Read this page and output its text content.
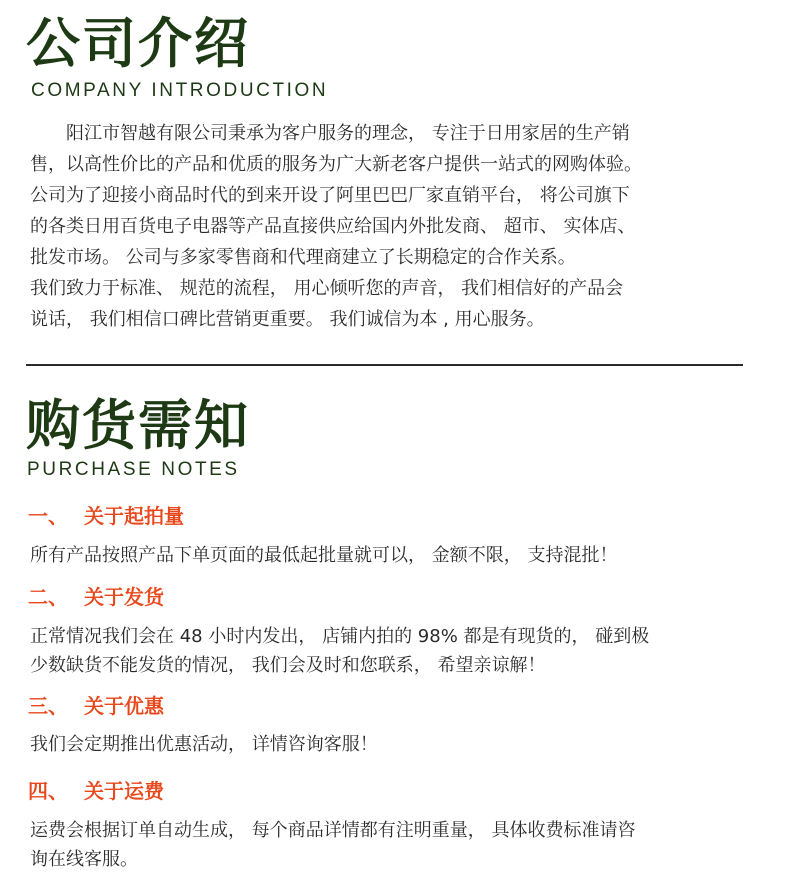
公司介绍
COMPANY INTRODUCTION

　　阳江市智越有限公司秉承为客户服务的理念， 专注于日用家居的生产销

售，以高性价比的产品和优质的服务为广大新老客户提供一站式的网购体验。

公司为了迎接小商品时代的到来开设了阿里巴巴厂家直销平台， 将公司旗下

的各类日用百货电子电器等产品直接供应给国内外批发商、 超市、 实体店、

批发市场。 公司与多家零售商和代理商建立了长期稳定的合作关系。

我们致力于标准、 规范的流程， 用心倾听您的声音， 我们相信好的产品会

说话， 我们相信口碑比营销更重要。 我们诚信为本 , 用心服务。

购货需知
PURCHASE NOTES
一、 关于起拍量

所有产品按照产品下单页面的最低起批量就可以， 金额不限， 支持混批！

二、 关于发货

正常情况我们会在 48 小时内发出， 店铺内拍的 98% 都是有现货的， 碰到极

少数缺货不能发货的情况， 我们会及时和您联系， 希望亲谅解！

三、 关于优惠

我们会定期推出优惠活动， 详情咨询客服！

四、 关于运费

运费会根据订单自动生成， 每个商品详情都有注明重量， 具体收费标准请咨

询在线客服。
